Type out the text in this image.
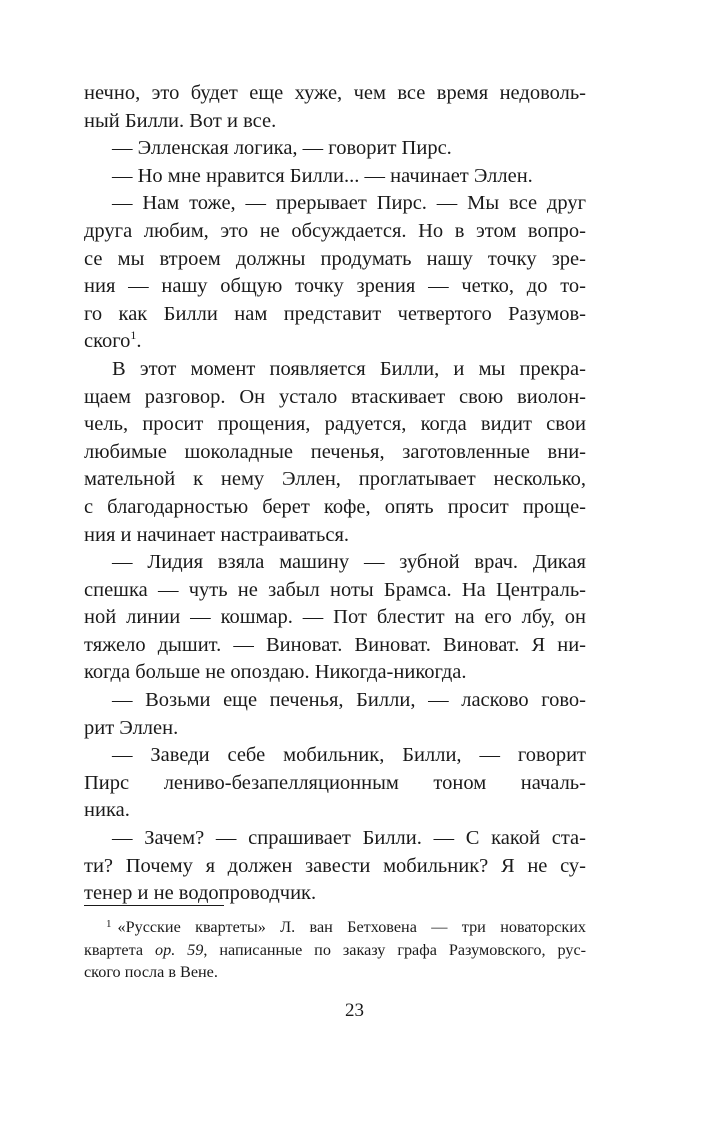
нечно, это будет еще хуже, чем все время недоволь-
ный Билли. Вот и все.
— Элленская логика, — говорит Пирс.
— Но мне нравится Билли... — начинает Эллен.
— Нам тоже, — прерывает Пирс. — Мы все друг
друга любим, это не обсуждается. Но в этом вопро-
се мы втроем должны продумать нашу точку зре-
ния — нашу общую точку зрения — четко, до то-
го как Билли нам представит четвертого Разумов-
ского$^1$.
В этот момент появляется Билли, и мы прекра-
щаем разговор. Он устало втаскивает свою виолон-
чель, просит прощения, радуется, когда видит свои
любимые шоколадные печенья, заготовленные вни-
мательной к нему Эллен, проглатывает несколько,
с благодарностью берет кофе, опять просит проще-
ния и начинает настраиваться.
— Лидия взяла машину — зубной врач. Дикая
спешка — чуть не забыл ноты Брамса. На Централь-
ной линии — кошмар. — Пот блестит на его лбу, он
тяжело дышит. — Виноват. Виноват. Виноват. Я ни-
когда больше не опоздаю. Никогда-никогда.
— Возьми еще печенья, Билли, — ласково гово-
рит Эллен.
— Заведи себе мобильник, Билли, — говорит
Пирс лениво-безапелляционным тоном началь-
ника.
— Зачем? — спрашивает Билли. — С какой ста-
ти? Почему я должен завести мобильник? Я не су-
тенер и не водопроводчик.
$^1$ «Русские квартеты» Л. ван Бетховена — три новаторских
квартета op. 59, написанные по заказу графа Разумовского, рус-
ского посла в Вене.
23
